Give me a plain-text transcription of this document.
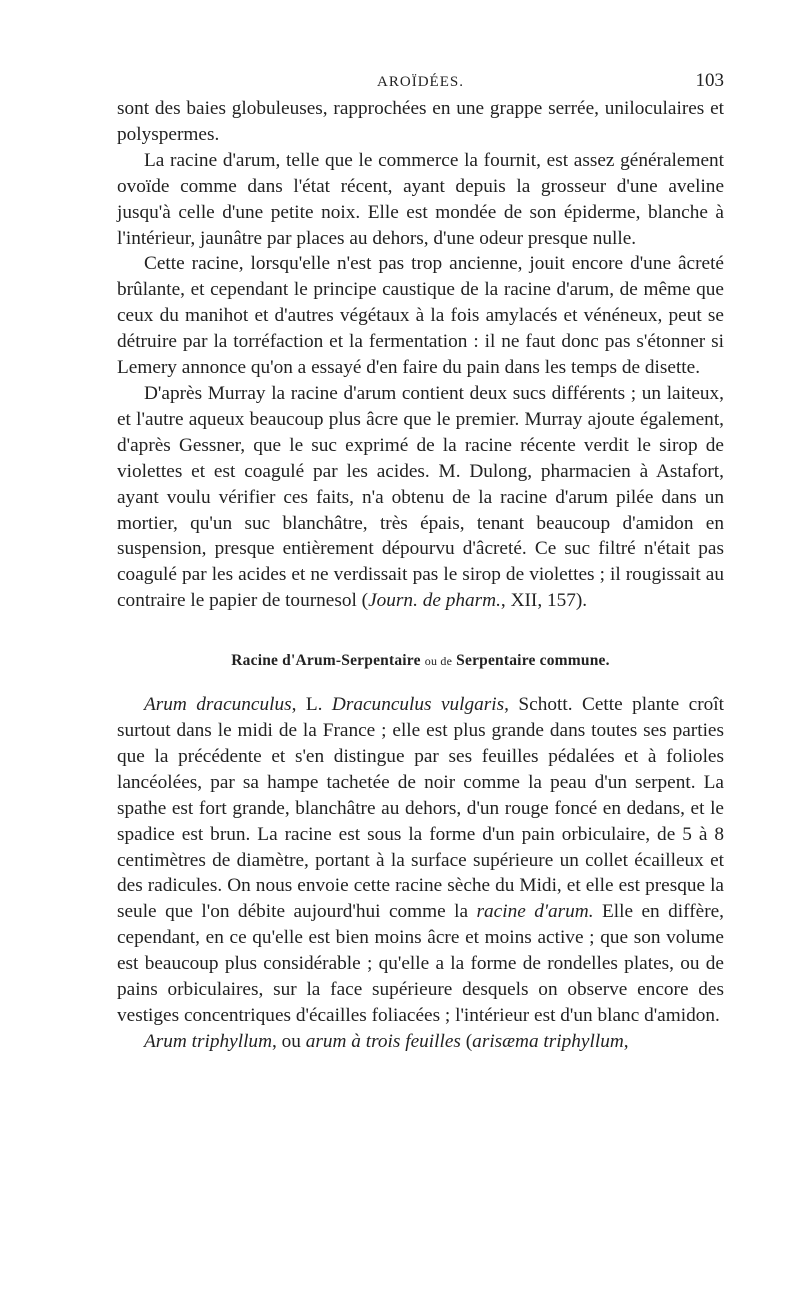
AROÏDÉES.	103

sont des baies globuleuses, rapprochées en une grappe serrée, uniloculaires et polyspermes.

La racine d'arum, telle que le commerce la fournit, est assez généralement ovoïde comme dans l'état récent, ayant depuis la grosseur d'une aveline jusqu'à celle d'une petite noix. Elle est mondée de son épiderme, blanche à l'intérieur, jaunâtre par places au dehors, d'une odeur presque nulle.

Cette racine, lorsqu'elle n'est pas trop ancienne, jouit encore d'une âcreté brûlante, et cependant le principe caustique de la racine d'arum, de même que ceux du manihot et d'autres végétaux à la fois amylacés et vénéneux, peut se détruire par la torréfaction et la fermentation : il ne faut donc pas s'étonner si Lemery annonce qu'on a essayé d'en faire du pain dans les temps de disette.

D'après Murray la racine d'arum contient deux sucs différents ; un laiteux, et l'autre aqueux beaucoup plus âcre que le premier. Murray ajoute également, d'après Gessner, que le suc exprimé de la racine récente verdit le sirop de violettes et est coagulé par les acides. M. Dulong, pharmacien à Astafort, ayant voulu vérifier ces faits, n'a obtenu de la racine d'arum pilée dans un mortier, qu'un suc blanchâtre, très épais, tenant beaucoup d'amidon en suspension, presque entièrement dépourvu d'âcreté. Ce suc filtré n'était pas coagulé par les acides et ne verdissait pas le sirop de violettes ; il rougissait au contraire le papier de tournesol (Journ. de pharm., XII, 157).

Racine d'Arum-Serpentaire ou de Serpentaire commune.

Arum dracunculus, L. Dracunculus vulgaris, Schott. Cette plante croît surtout dans le midi de la France ; elle est plus grande dans toutes ses parties que la précédente et s'en distingue par ses feuilles pédalées et à folioles lancéolées, par sa hampe tachetée de noir comme la peau d'un serpent. La spathe est fort grande, blanchâtre au dehors, d'un rouge foncé en dedans, et le spadice est brun. La racine est sous la forme d'un pain orbiculaire, de 5 à 8 centimètres de diamètre, portant à la surface supérieure un collet écailleux et des radicules. On nous envoie cette racine sèche du Midi, et elle est presque la seule que l'on débite aujourd'hui comme la racine d'arum. Elle en diffère, cependant, en ce qu'elle est bien moins âcre et moins active ; que son volume est beaucoup plus considérable ; qu'elle a la forme de rondelles plates, ou de pains orbiculaires, sur la face supérieure desquels on observe encore des vestiges concentriques d'écailles foliacées ; l'intérieur est d'un blanc d'amidon.

Arum triphyllum, ou arum à trois feuilles (arisæma triphyllum,
